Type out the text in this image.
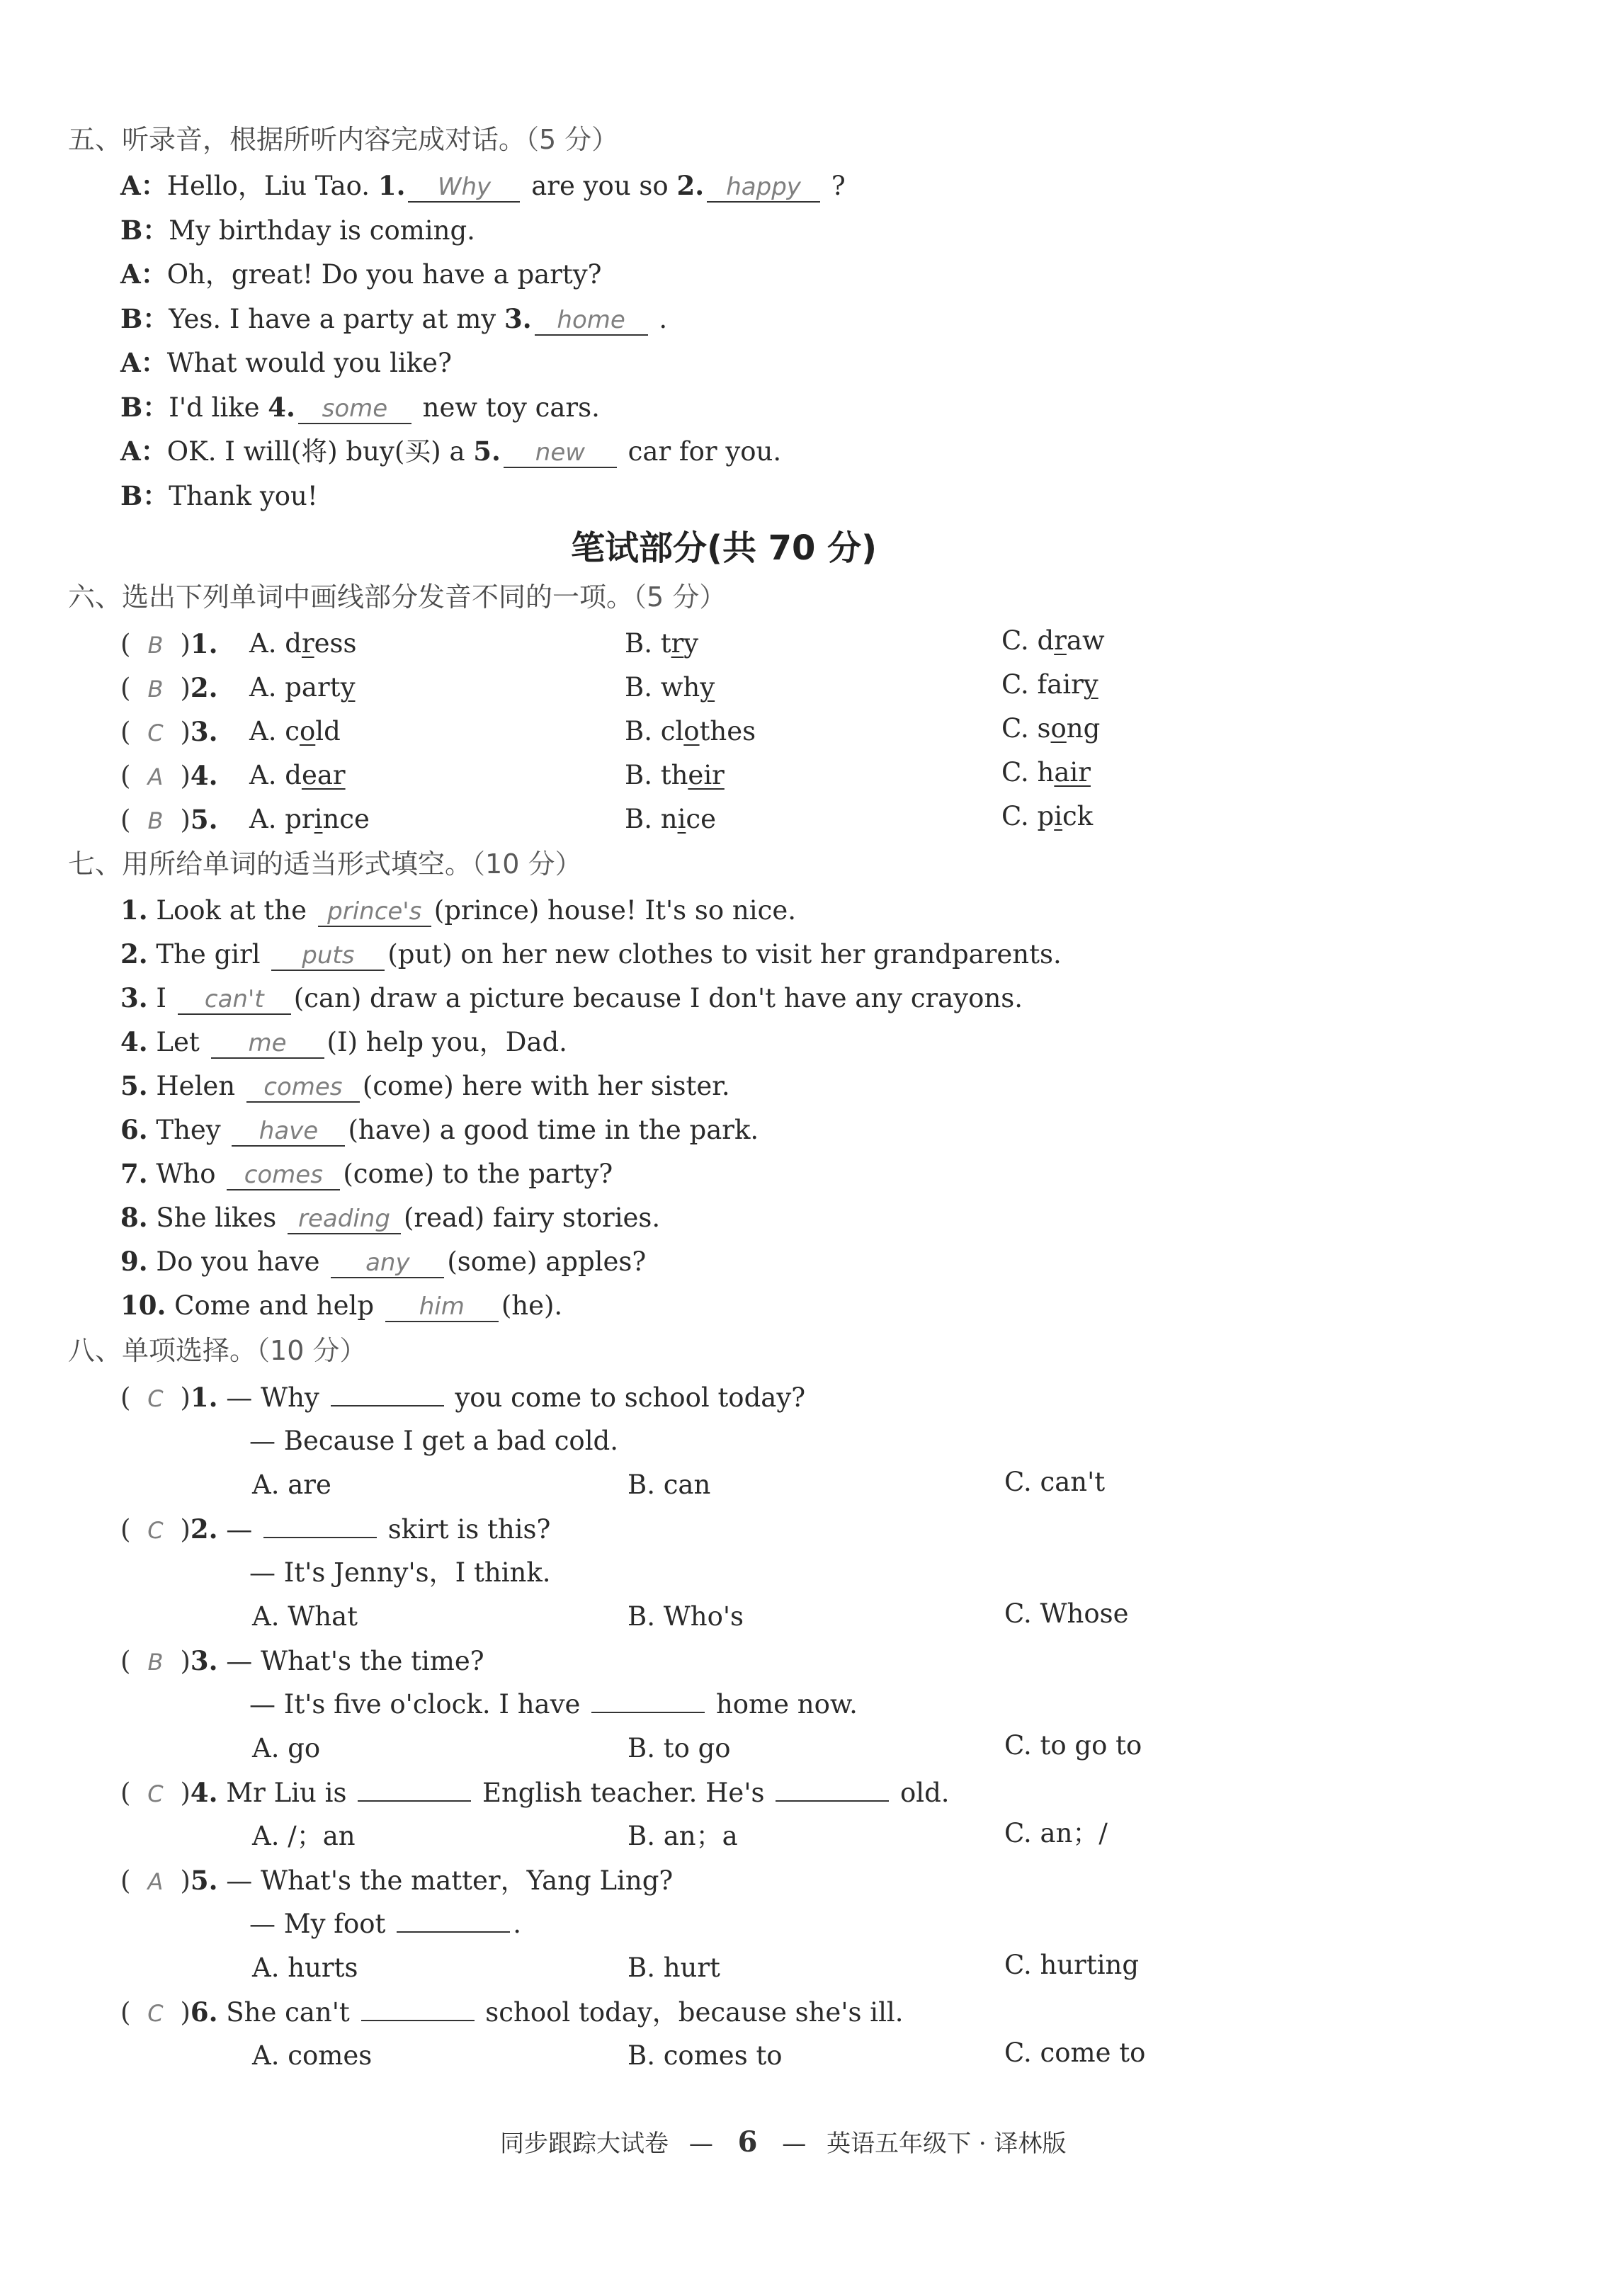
五、听录音，根据所听内容完成对话。（5 分）
A：Hello，Liu Tao. 1. Why are you so 2. happy ?
B：My birthday is coming.
A：Oh，great! Do you have a party?
B：Yes. I have a party at my 3. home .
A：What would you like?
B：I'd like 4. some new toy cars.
A：OK. I will(将) buy(买) a 5. new car for you.
B：Thank you!
笔试部分(共 70 分)
六、选出下列单词中画线部分发音不同的一项。（5 分）
( B )1. A. dress	B. try	C. draw
( B )2. A. party	B. why	C. fairy
( C )3. A. cold	B. clothes	C. song
( A )4. A. dear	B. their	C. hair
( B )5. A. prince	B. nice	C. pick
七、用所给单词的适当形式填空。（10 分）
1. Look at the prince's (prince) house! It's so nice.
2. The girl puts (put) on her new clothes to visit her grandparents.
3. I can't (can) draw a picture because I don't have any crayons.
4. Let me (I) help you，Dad.
5. Helen comes (come) here with her sister.
6. They have (have) a good time in the park.
7. Who comes (come) to the party?
8. She likes reading (read) fairy stories.
9. Do you have any (some) apples?
10. Come and help him (he).
八、单项选择。（10 分）
( C )1. — Why	you come to school today?
— Because I get a bad cold.
A. are	B. can	C. can't
( C )2. —	skirt is this?
— It's Jenny's，I think.
A. What	B. Who's	C. Whose
( B )3. — What's the time?
— It's five o'clock. I have	home now.
A. go	B. to go	C. to go to
( C )4. Mr Liu is	English teacher. He's	old.
A. /；an	B. an；a	C. an；/
( A )5. — What's the matter，Yang Ling?
— My foot	.
A. hurts	B. hurt	C. hurting
( C )6. She can't	school today，because she's ill.
A. comes	B. comes to	C. come to
同步跟踪大试卷 — 6 — 英语五年级下 · 译林版
